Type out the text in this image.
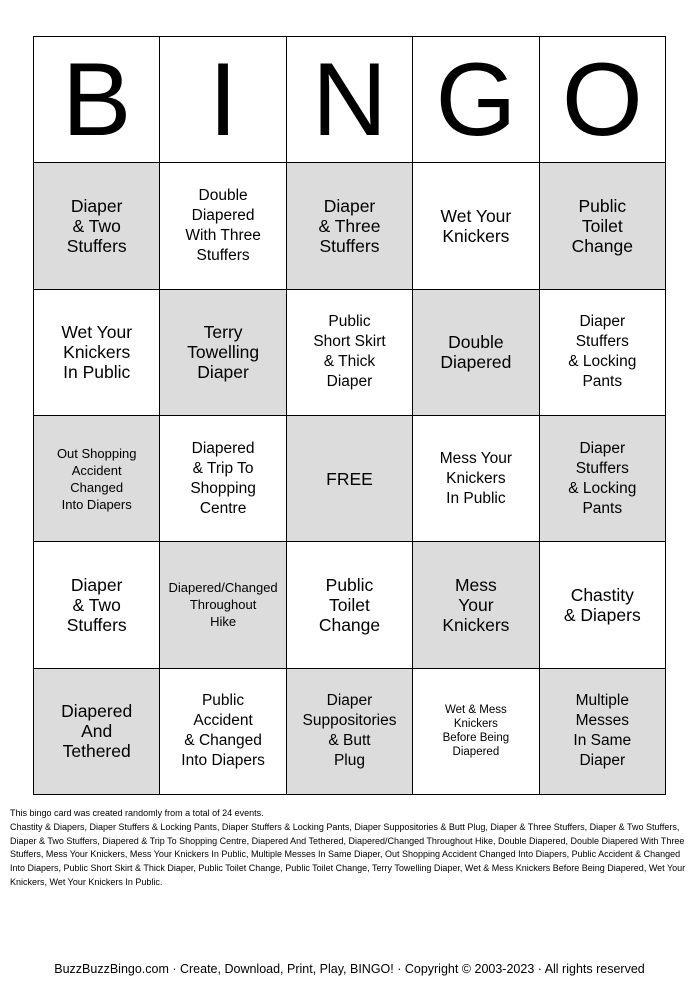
B I N G O
Diaper
& Two
Stuffers
Double
Diapered
With Three
Stuffers
Diaper
& Three
Stuffers
Wet Your
Knickers
Public
Toilet
Change
Wet Your
Knickers
In Public
Terry
Towelling
Diaper
Public
Short Skirt
& Thick
Diaper
Double
Diapered
Diaper
Stuffers
& Locking
Pants
Out Shopping
Accident
Changed
Into Diapers
Diapered
& Trip To
Shopping
Centre
FREE
Mess Your
Knickers
In Public
Diaper
Stuffers
& Locking
Pants
Diaper
& Two
Stuffers
Diapered/Changed
Throughout
Hike
Public
Toilet
Change
Mess
Your
Knickers
Chastity
& Diapers
Diapered
And
Tethered
Public
Accident
& Changed
Into Diapers
Diaper
Suppositories
& Butt
Plug
Wet & Mess
Knickers
Before Being
Diapered
Multiple
Messes
In Same
Diaper
This bingo card was created randomly from a total of 24 events.
Chastity & Diapers, Diaper Stuffers & Locking Pants, Diaper Stuffers & Locking Pants, Diaper Suppositories & Butt Plug, Diaper & Three Stuffers, Diaper & Two Stuffers, Diaper & Two Stuffers, Diapered & Trip To Shopping Centre, Diapered And Tethered, Diapered/Changed Throughout Hike, Double Diapered, Double Diapered With Three Stuffers, Mess Your Knickers, Mess Your Knickers In Public, Multiple Messes In Same Diaper, Out Shopping Accident Changed Into Diapers, Public Accident & Changed Into Diapers, Public Short Skirt & Thick Diaper, Public Toilet Change, Public Toilet Change, Terry Towelling Diaper, Wet & Mess Knickers Before Being Diapered, Wet Your Knickers, Wet Your Knickers In Public.
BuzzBuzzBingo.com · Create, Download, Print, Play, BINGO! · Copyright © 2003-2023 · All rights reserved
